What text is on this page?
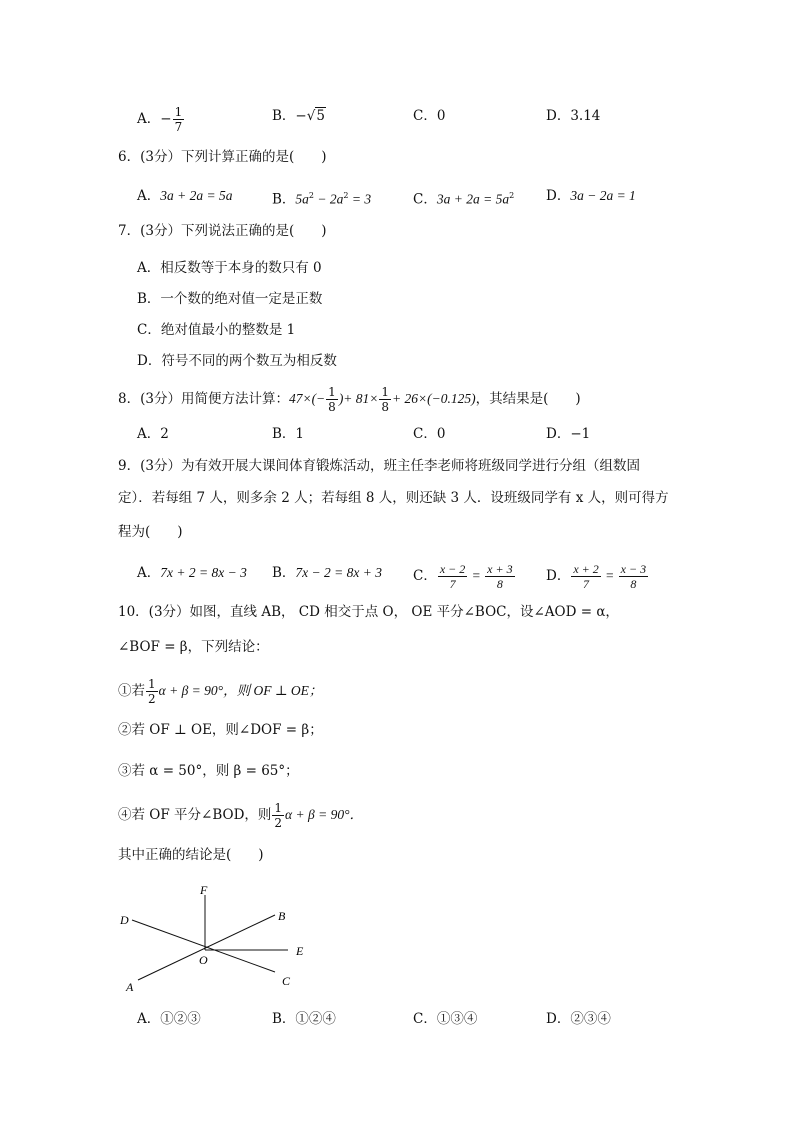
A．− $\frac{1}{7}$	B．−√5	C．0	D．3.14
6．(3分）下列计算正确的是(　　)
A．3a + 2a = 5a	B．$5a^2 - 2a^2 = 3$	C．$3a + 2a = 5a^2$ D．3a − 2a = 1
7．(3分）下列说法正确的是(　　)
A．相反数等于本身的数只有 0
B．一个数的绝对值一定是正数
C．绝对值最小的整数是 1
D．符号不同的两个数互为相反数
8．(3分）用简便方法计算：$47\times(- \frac{1}{8}$ )+ $81\times \frac{1}{8} + 26\times(-0.125)$，其结果是(　　)
A．2	B．1	C．0	D．−1
9．(3分）为有效开展大课间体育锻炼活动，班主任李老师将班级同学进行分组（组数固
定）．若每组 7 人，则多余 2 人；若每组 8 人，则还缺 3 人．设班级同学有 x 人，则可得方
程为(　　)
A．7x + 2 = 8x − 3 B．7x − 2 = 8x + 3 C． $\frac{x - 2}{7} = \frac{x + 3}{8}$ D． $\frac{x + 2}{7} = \frac{x - 3}{8}$
10．(3分）如图，直线 AB， CD 相交于点 O， OE 平分∠BOC，设∠AOD = α，
∠BOF = β，下列结论：
①若 $\frac{1}{2}$ α + β = 90°，则 OF ⊥ OE；
②若 OF ⊥ OE，则∠DOF = β；
③若 α = 50°，则 β = 65°；
④若 OF 平分∠BOD，则 $\frac{1}{2}$ α + β = 90°．
其中正确的结论是(　　)
F
B
D
E
O
A	C
A．①②③	B．①②④	C．①③④	D．②③④
